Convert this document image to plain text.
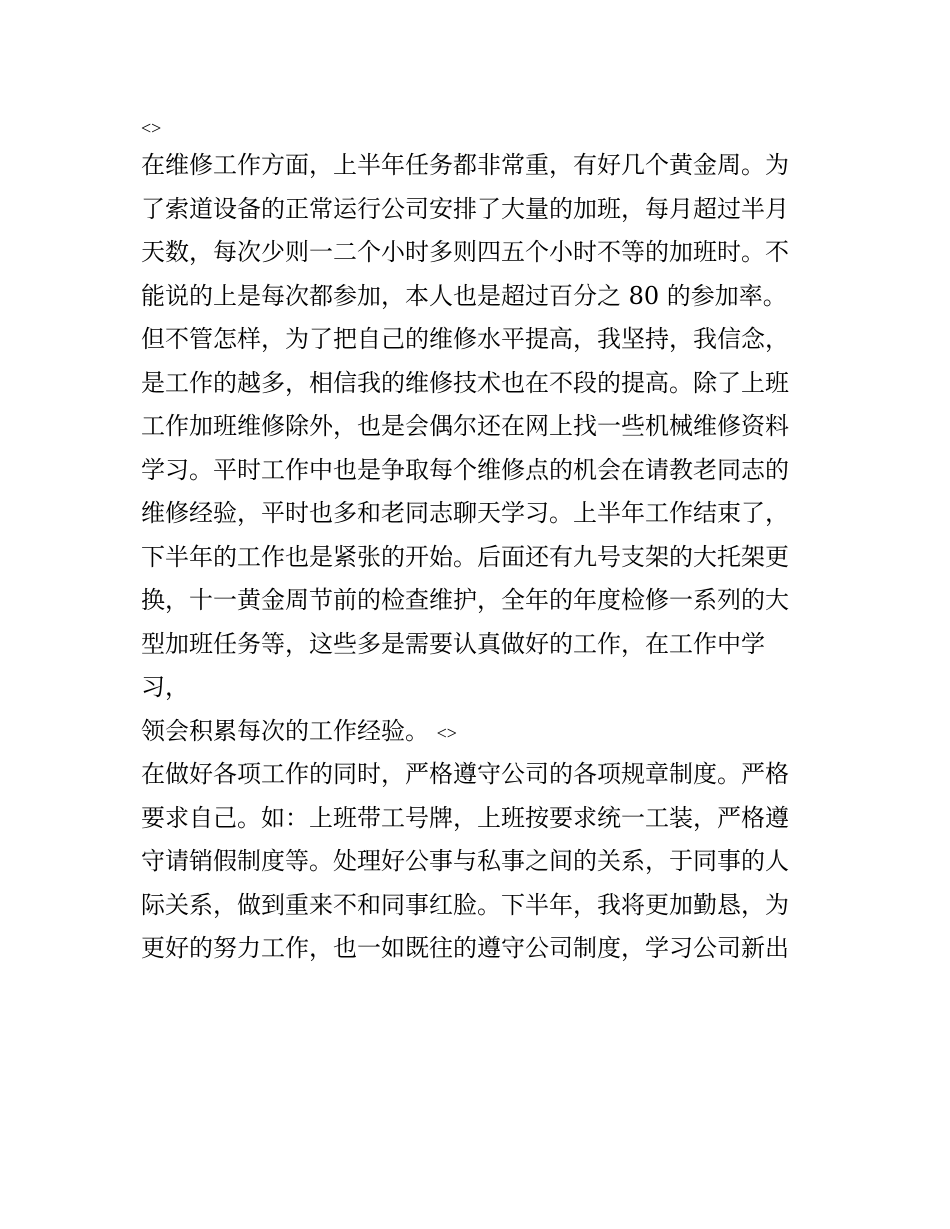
<>
在维修工作方面，上半年任务都非常重，有好几个黄金周。为
了索道设备的正常运行公司安排了大量的加班，每月超过半月
天数，每次少则一二个小时多则四五个小时不等的加班时。不
能说的上是每次都参加，本人也是超过百分之 80 的参加率。
但不管怎样，为了把自己的维修水平提高，我坚持，我信念，
是工作的越多，相信我的维修技术也在不段的提高。除了上班
工作加班维修除外，也是会偶尔还在网上找一些机械维修资料
学习。平时工作中也是争取每个维修点的机会在请教老同志的
维修经验，平时也多和老同志聊天学习。上半年工作结束了，
下半年的工作也是紧张的开始。后面还有九号支架的大托架更
换，十一黄金周节前的检查维护，全年的年度检修一系列的大
型加班任务等，这些多是需要认真做好的工作，在工作中学
习，
领会积累每次的工作经验。 <>
在做好各项工作的同时，严格遵守公司的各项规章制度。严格
要求自己。如：上班带工号牌，上班按要求统一工装，严格遵
守请销假制度等。处理好公事与私事之间的关系，于同事的人
际关系，做到重来不和同事红脸。下半年，我将更加勤恳，为
更好的努力工作，也一如既往的遵守公司制度，学习公司新出
